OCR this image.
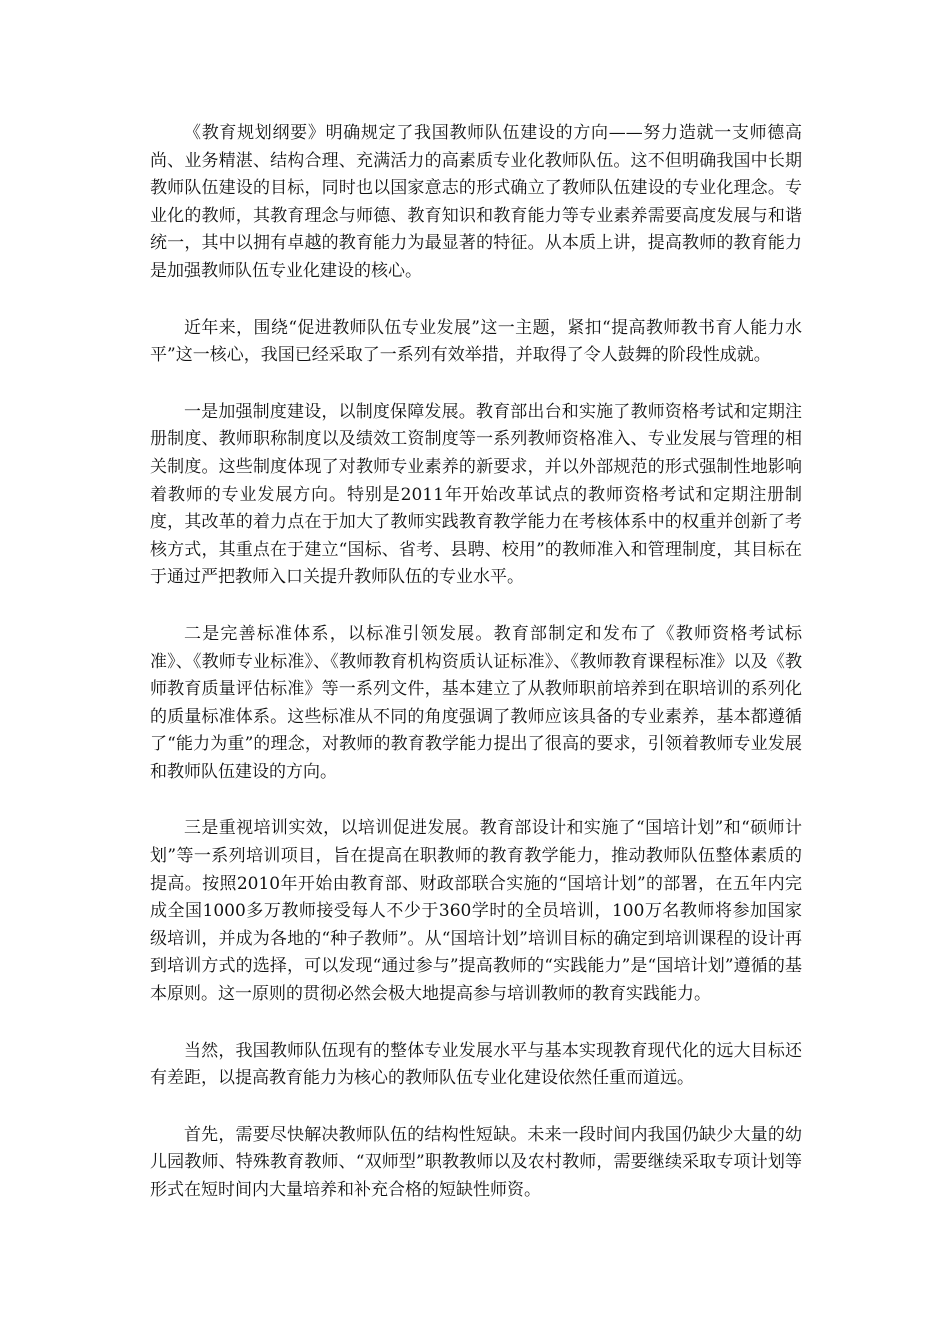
《教育规划纲要》明确规定了我国教师队伍建设的方向——努力造就一支师德高尚、业务精湛、结构合理、充满活力的高素质专业化教师队伍。这不但明确我国中长期教师队伍建设的目标，同时也以国家意志的形式确立了教师队伍建设的专业化理念。专业化的教师，其教育理念与师德、教育知识和教育能力等专业素养需要高度发展与和谐统一，其中以拥有卓越的教育能力为最显著的特征。从本质上讲，提高教师的教育能力是加强教师队伍专业化建设的核心。

近年来，围绕“促进教师队伍专业发展”这一主题，紧扣“提高教师教书育人能力水平”这一核心，我国已经采取了一系列有效举措，并取得了令人鼓舞的阶段性成就。

一是加强制度建设，以制度保障发展。教育部出台和实施了教师资格考试和定期注册制度、教师职称制度以及绩效工资制度等一系列教师资格准入、专业发展与管理的相关制度。这些制度体现了对教师专业素养的新要求，并以外部规范的形式强制性地影响着教师的专业发展方向。特别是2011年开始改革试点的教师资格考试和定期注册制度，其改革的着力点在于加大了教师实践教育教学能力在考核体系中的权重并创新了考核方式，其重点在于建立“国标、省考、县聘、校用”的教师准入和管理制度，其目标在于通过严把教师入口关提升教师队伍的专业水平。

二是完善标准体系，以标准引领发展。教育部制定和发布了《教师资格考试标准》、《教师专业标准》、《教师教育机构资质认证标准》、《教师教育课程标准》以及《教师教育质量评估标准》等一系列文件，基本建立了从教师职前培养到在职培训的系列化的质量标准体系。这些标准从不同的角度强调了教师应该具备的专业素养，基本都遵循了“能力为重”的理念，对教师的教育教学能力提出了很高的要求，引领着教师专业发展和教师队伍建设的方向。

三是重视培训实效，以培训促进发展。教育部设计和实施了“国培计划”和“硕师计划”等一系列培训项目，旨在提高在职教师的教育教学能力，推动教师队伍整体素质的提高。按照2010年开始由教育部、财政部联合实施的“国培计划”的部署，在五年内完成全国1000多万教师接受每人不少于360学时的全员培训，100万名教师将参加国家级培训，并成为各地的“种子教师”。从“国培计划”培训目标的确定到培训课程的设计再到培训方式的选择，可以发现“通过参与”提高教师的“实践能力”是“国培计划”遵循的基本原则。这一原则的贯彻必然会极大地提高参与培训教师的教育实践能力。

当然，我国教师队伍现有的整体专业发展水平与基本实现教育现代化的远大目标还有差距，以提高教育能力为核心的教师队伍专业化建设依然任重而道远。

首先，需要尽快解决教师队伍的结构性短缺。未来一段时间内我国仍缺少大量的幼儿园教师、特殊教育教师、“双师型”职教教师以及农村教师，需要继续采取专项计划等形式在短时间内大量培养和补充合格的短缺性师资。
